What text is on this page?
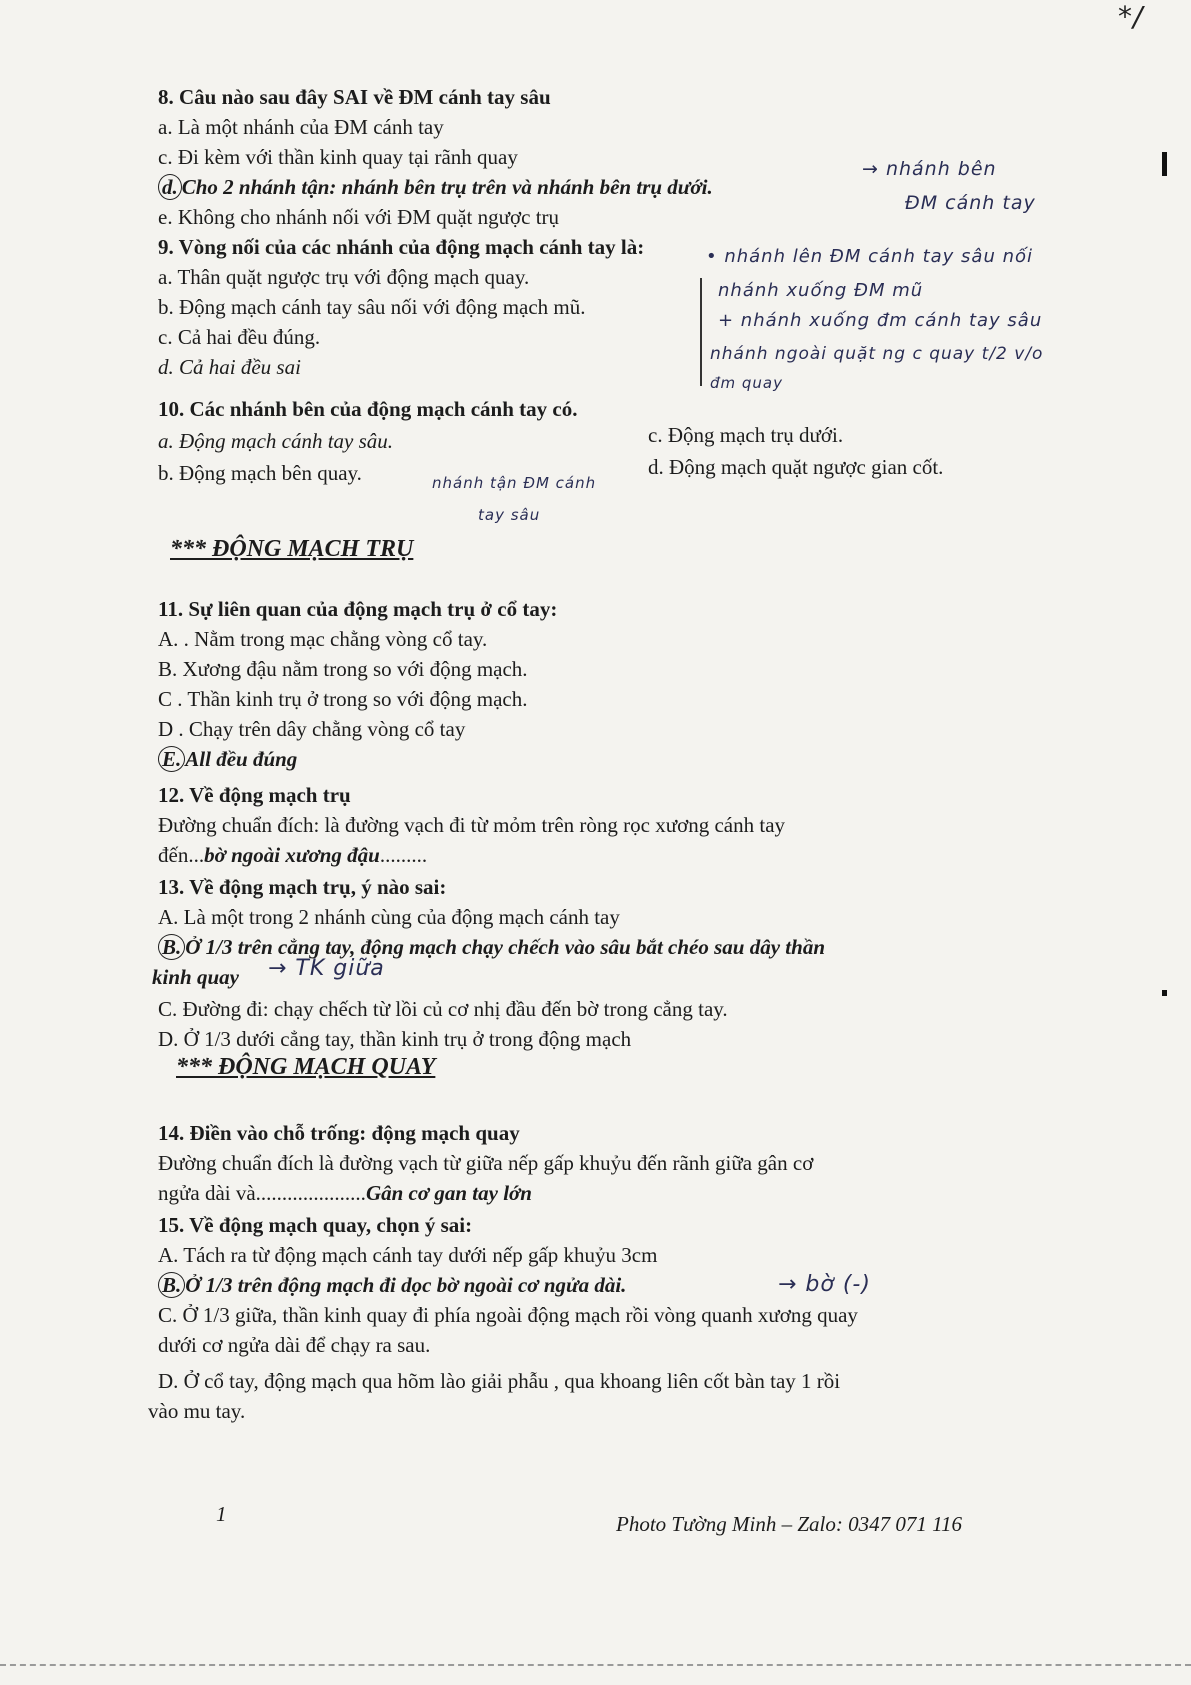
*/
8. Câu nào sau đây SAI về ĐM cánh tay sâu
a. Là một nhánh của ĐM cánh tay
c. Đi kèm với thần kinh quay tại rãnh quay
d. Cho 2 nhánh tận: nhánh bên trụ trên và nhánh bên trụ dưới.
e. Không cho nhánh nối với ĐM quặt ngược trụ
→ nhánh bên
ĐM cánh tay
9. Vòng nối của các nhánh của động mạch cánh tay là:
a. Thân quặt ngược trụ với động mạch quay.
b. Động mạch cánh tay sâu nối với động mạch mũ.
c. Cả hai đều đúng.
d. Cả hai đều sai
• nhánh lên ĐM cánh tay sâu nối
nhánh xuống ĐM mũ
+ nhánh xuống đm cánh tay sâu
nhánh ngoài quặt ng c quay t/2 v/o
đm quay
10. Các nhánh bên của động mạch cánh tay có.
a. Động mạch cánh tay sâu.
b. Động mạch bên quay.
c. Động mạch trụ dưới.
d. Động mạch quặt ngược gian cốt.
nhánh tận ĐM cánh
tay sâu
*** ĐỘNG MẠCH TRỤ
11. Sự liên quan của động mạch trụ ở cổ tay:
A. . Nằm trong mạc chằng vòng cổ tay.
B. Xương đậu nằm trong so với động mạch.
C . Thần kinh trụ ở trong so với động mạch.
D . Chạy trên dây chằng vòng cổ tay
E. All đều đúng
12. Về động mạch trụ
Đường chuẩn đích: là đường vạch đi từ mỏm trên ròng rọc xương cánh tay
đến...bờ ngoài xương đậu.........
13. Về động mạch trụ, ý nào sai:
A. Là một trong 2 nhánh cùng của động mạch cánh tay
B. Ở 1/3 trên cẳng tay, động mạch chạy chếch vào sâu bắt chéo sau dây thần
kinh quay → TK giữa
C. Đường đi: chạy chếch từ lồi củ cơ nhị đầu đến bờ trong cẳng tay.
D. Ở 1/3 dưới cẳng tay, thần kinh trụ ở trong động mạch
*** ĐỘNG MẠCH QUAY
14. Điền vào chỗ trống: động mạch quay
Đường chuẩn đích là đường vạch từ giữa nếp gấp khuỷu đến rãnh giữa gân cơ
ngửa dài và.....................Gân cơ gan tay lớn
15. Về động mạch quay, chọn ý sai:
A. Tách ra từ động mạch cánh tay dưới nếp gấp khuỷu 3cm
B. Ở 1/3 trên động mạch đi dọc bờ ngoài cơ ngửa dài.
C. Ở 1/3 giữa, thần kinh quay đi phía ngoài động mạch rồi vòng quanh xương quay
→ bờ (-)
dưới cơ ngửa dài để chạy ra sau.
D. Ở cổ tay, động mạch qua hõm lào giải phẫu , qua khoang liên cốt bàn tay 1 rồi
vào mu tay.
1	Photo Tường Minh – Zalo: 0347 071 116
